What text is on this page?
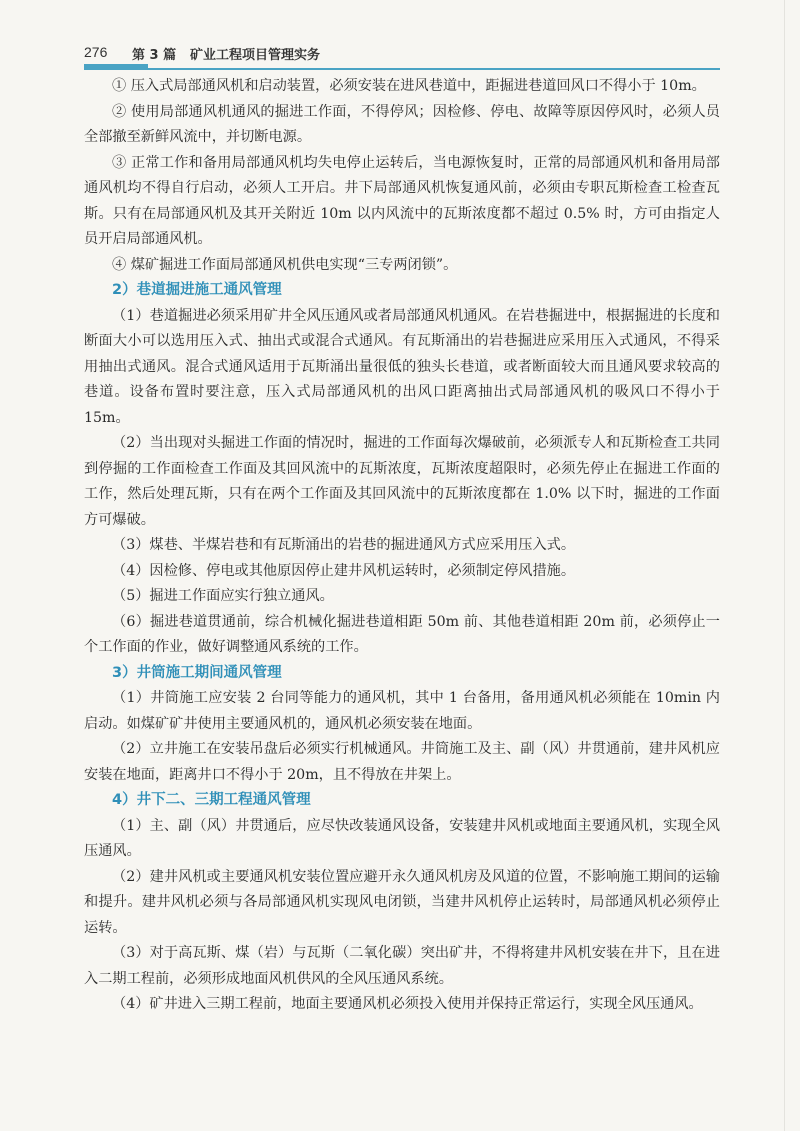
276 第 3 篇 矿业工程项目管理实务

① 压入式局部通风机和启动装置，必须安装在进风巷道中，距掘进巷道回风口不得小于 10m。

② 使用局部通风机通风的掘进工作面，不得停风；因检修、停电、故障等原因停风时，必须人员全部撤至新鲜风流中，并切断电源。

③ 正常工作和备用局部通风机均失电停止运转后，当电源恢复时，正常的局部通风机和备用局部通风机均不得自行启动，必须人工开启。井下局部通风机恢复通风前，必须由专职瓦斯检查工检查瓦斯。只有在局部通风机及其开关附近 10m 以内风流中的瓦斯浓度都不超过 0.5% 时，方可由指定人员开启局部通风机。

④ 煤矿掘进工作面局部通风机供电实现“三专两闭锁”。

2）巷道掘进施工通风管理

（1）巷道掘进必须采用矿井全风压通风或者局部通风机通风。在岩巷掘进中，根据掘进的长度和断面大小可以选用压入式、抽出式或混合式通风。有瓦斯涌出的岩巷掘进应采用压入式通风，不得采用抽出式通风。混合式通风适用于瓦斯涌出量很低的独头长巷道，或者断面较大而且通风要求较高的巷道。设备布置时要注意，压入式局部通风机的出风口距离抽出式局部通风机的吸风口不得小于 15m。

（2）当出现对头掘进工作面的情况时，掘进的工作面每次爆破前，必须派专人和瓦斯检查工共同到停掘的工作面检查工作面及其回风流中的瓦斯浓度，瓦斯浓度超限时，必须先停止在掘进工作面的工作，然后处理瓦斯，只有在两个工作面及其回风流中的瓦斯浓度都在 1.0% 以下时，掘进的工作面方可爆破。

（3）煤巷、半煤岩巷和有瓦斯涌出的岩巷的掘进通风方式应采用压入式。

（4）因检修、停电或其他原因停止建井风机运转时，必须制定停风措施。

（5）掘进工作面应实行独立通风。

（6）掘进巷道贯通前，综合机械化掘进巷道相距 50m 前、其他巷道相距 20m 前，必须停止一个工作面的作业，做好调整通风系统的工作。

3）井筒施工期间通风管理

（1）井筒施工应安装 2 台同等能力的通风机，其中 1 台备用，备用通风机必须能在 10min 内启动。如煤矿矿井使用主要通风机的，通风机必须安装在地面。

（2）立井施工在安装吊盘后必须实行机械通风。井筒施工及主、副（风）井贯通前，建井风机应安装在地面，距离井口不得小于 20m，且不得放在井架上。

4）井下二、三期工程通风管理

（1）主、副（风）井贯通后，应尽快改装通风设备，安装建井风机或地面主要通风机，实现全风压通风。

（2）建井风机或主要通风机安装位置应避开永久通风机房及风道的位置，不影响施工期间的运输和提升。建井风机必须与各局部通风机实现风电闭锁，当建井风机停止运转时，局部通风机必须停止运转。

（3）对于高瓦斯、煤（岩）与瓦斯（二氧化碳）突出矿井，不得将建井风机安装在井下，且在进入二期工程前，必须形成地面风机供风的全风压通风系统。

（4）矿井进入三期工程前，地面主要通风机必须投入使用并保持正常运行，实现全风压通风。
